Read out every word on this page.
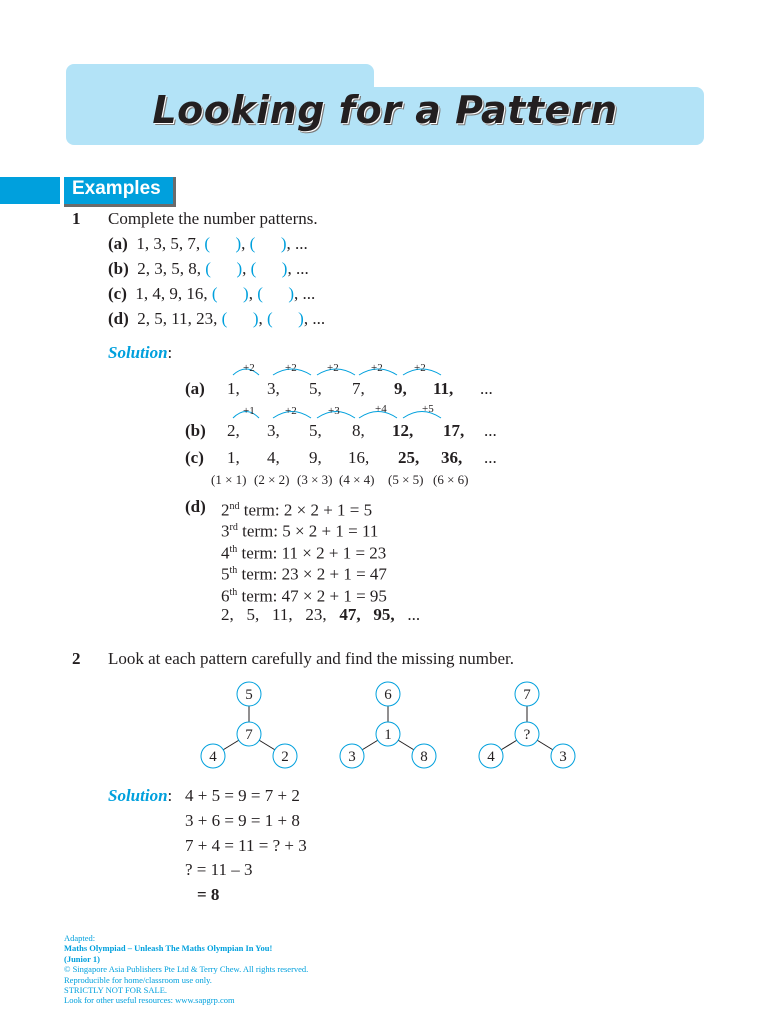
Looking for a Pattern
Examples
1 Complete the number patterns.
(a) 1, 3, 5, 7, (  ), (  ), ...
(b) 2, 3, 5, 8, (  ), (  ), ...
(c) 1, 4, 9, 16, (  ), (  ), ...
(d) 2, 5, 11, 23, (  ), (  ), ...
Solution:
+2	+2	+2	+2	+2
(a) 1, 3, 5, 7, 9, 11, ...
+1	+2	+3	+4	+5
(b) 2, 3, 5, 8, 12, 17, ...
(c) 1, 4, 9, 16, 25, 36, ...
(1 × 1) (2 × 2) (3 × 3) (4 × 4) (5 × 5) (6 × 6)
(d) 2nd term: 2 × 2 + 1 = 5
3rd term: 5 × 2 + 1 = 11
4th term: 11 × 2 + 1 = 23
5th term: 23 × 2 + 1 = 47
6th term: 47 × 2 + 1 = 95
2,   5,   11,   23, 47, 95, ...
2 Look at each pattern carefully and find the missing number.
5
7
4	2
6
1
3	8
7
?
4	3
Solution: 4 + 5 = 9 = 7 + 2
3 + 6 = 9 = 1 + 8
7 + 4 = 11 = ? + 3
? = 11 – 3
= 8
Adapted:
Maths Olympiad – Unleash The Maths Olympian In You!
(Junior 1)
© Singapore Asia Publishers Pte Ltd & Terry Chew. All rights reserved.
Reproducible for home/classroom use only.
STRICTLY NOT FOR SALE.
Look for other useful resources: www.sapgrp.com
